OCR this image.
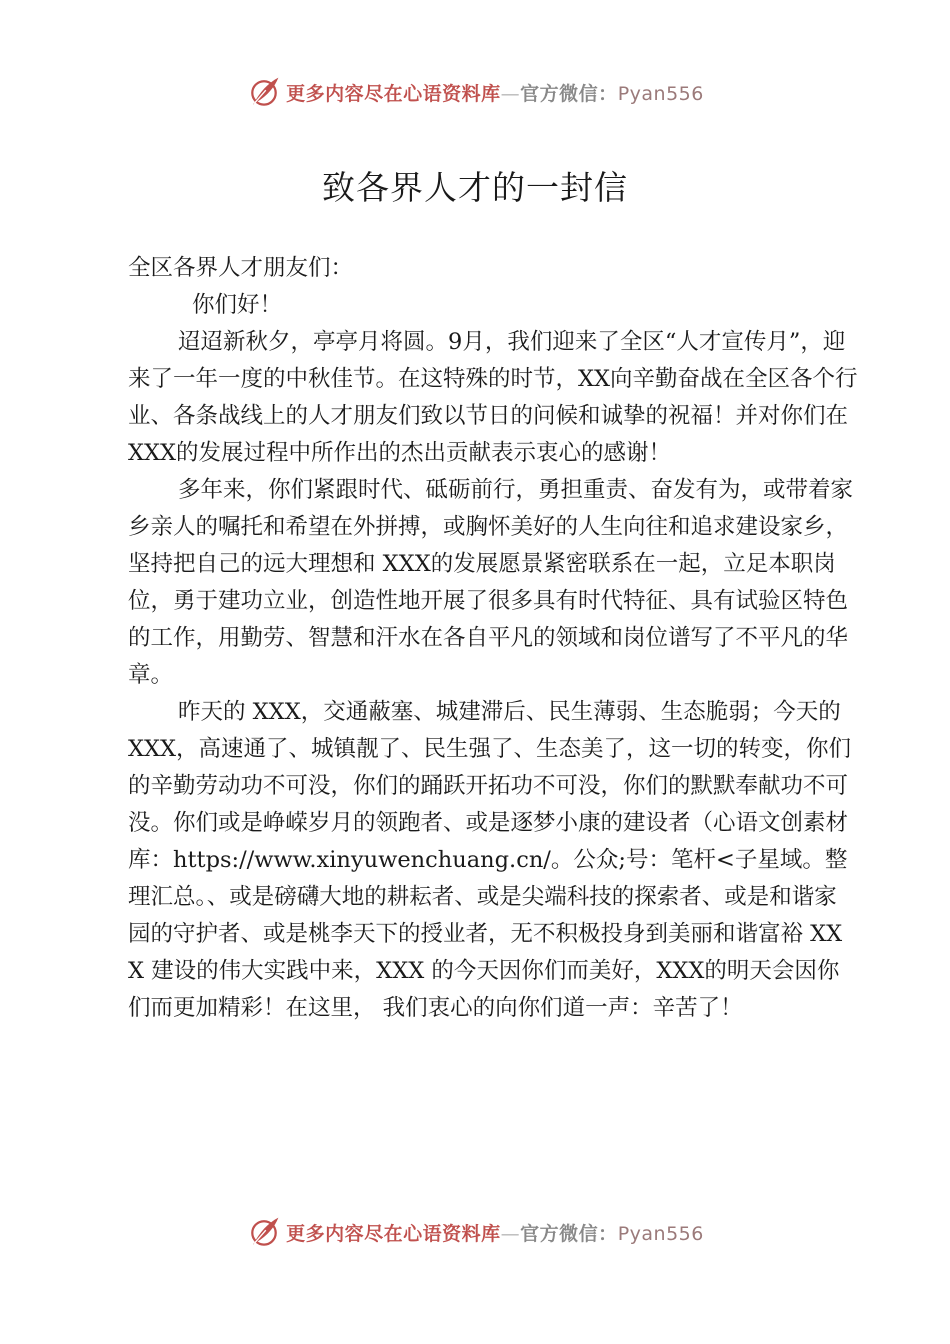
更多内容尽在心语资料库—官方微信：Pyan556
致各界人才的一封信

全区各界人才朋友们：

你们好！

迢迢新秋夕，亭亭月将圆。9月，我们迎来了全区“人才宣传月”，迎来了一年一度的中秋佳节。在这特殊的时节，XX向辛勤奋战在全区各个行业、各条战线上的人才朋友们致以节日的问候和诚挚的祝福！并对你们在 XXX的发展过程中所作出的杰出贡献表示衷心的感谢！

多年来，你们紧跟时代、砥砺前行，勇担重责、奋发有为，或带着家乡亲人的嘱托和希望在外拼搏，或胸怀美好的人生向往和追求建设家乡，坚持把自己的远大理想和 XXX的发展愿景紧密联系在一起，立足本职岗位，勇于建功立业，创造性地开展了很多具有时代特征、具有试验区特色的工作，用勤劳、智慧和汗水在各自平凡的领域和岗位谱写了不平凡的华章。

昨天的 XXX，交通蔽塞、城建滞后、民生薄弱、生态脆弱；今天的 XXX，高速通了、城镇靓了、民生强了、生态美了，这一切的转变，你们的辛勤劳动功不可没，你们的踊跃开拓功不可没，你们的默默奉献功不可没。你们或是峥嵘岁月的领跑者、或是逐梦小康的建设者（心语文创素材库：https://www.xinyuwenchuang.cn/。公众;号：笔杆<子星域。整理汇总。、或是磅礴大地的耕耘者、或是尖端科技的探索者、或是和谐家园的守护者、或是桃李天下的授业者，无不积极投身到美丽和谐富裕 XXX 建设的伟大实践中来，XXX 的今天因你们而美好，XXX的明天会因你们而更加精彩！在这里， 我们衷心的向你们道一声：辛苦了！

更多内容尽在心语资料库—官方微信：Pyan556
